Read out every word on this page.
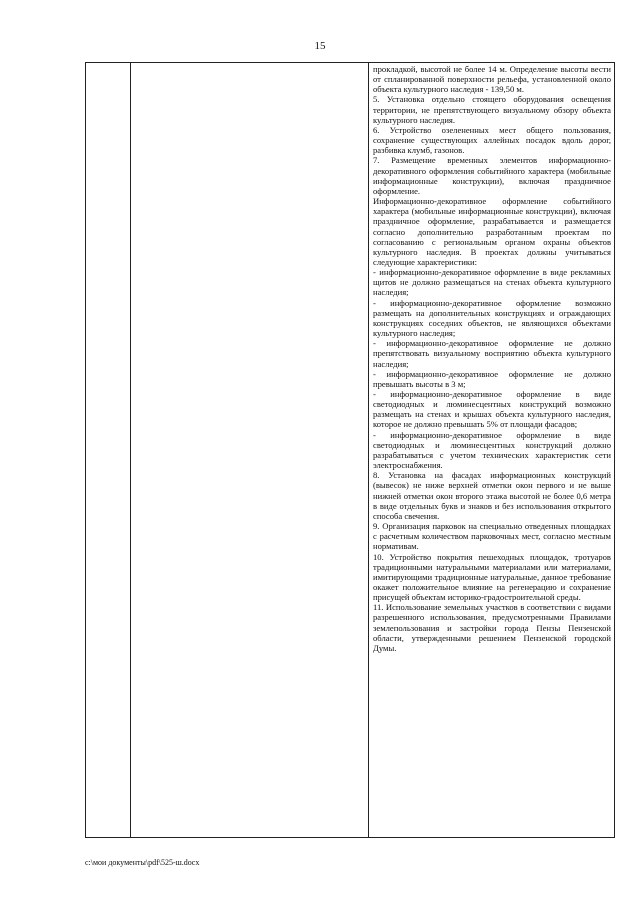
15

прокладкой, высотой не более 14 м. Определение высоты вести от спланированной поверхности рельефа, установленной около объекта культурного наследия - 139,50 м.

5. Установка отдельно стоящего оборудования освещения территории, не препятствующего визуальному обзору объекта культурного наследия.

6. Устройство озелененных мест общего пользования, сохранение существующих аллейных посадок вдоль дорог, разбивка клумб, газонов.

7. Размещение временных элементов информационно-декоративного оформления событийного характера (мобильные информационные конструкции), включая праздничное оформление.

Информационно-декоративное оформление событийного характера (мобильные информационные конструкции), включая праздничное оформление, разрабатывается и размещается согласно дополнительно разработанным проектам по согласованию с региональным органом охраны объектов культурного наследия. В проектах должны учитываться следующие характеристики:

- информационно-декоративное оформление в виде рекламных щитов не должно размещаться на стенах объекта культурного наследия;

- информационно-декоративное оформление возможно размещать на дополнительных конструкциях и ограждающих конструкциях соседних объектов, не являющихся объектами культурного наследия;

- информационно-декоративное оформление не должно препятствовать визуальному восприятию объекта культурного наследия;

- информационно-декоративное оформление не должно превышать высоты в 3 м;

- информационно-декоративное оформление в виде светодиодных и люминесцентных конструкций возможно размещать на стенах и крышах объекта культурного наследия, которое не должно превышать 5% от площади фасадов;

- информационно-декоративное оформление в виде светодиодных и люминесцентных конструкций должно разрабатываться с учетом технических характеристик сети электроснабжения.

8. Установка на фасадах информационных конструкций (вывесок) не ниже верхней отметки окон первого и не выше нижней отметки окон второго этажа высотой не более 0,6 метра в виде отдельных букв и знаков и без использования открытого способа свечения.

9. Организация парковок на специально отведенных площадках с расчетным количеством парковочных мест, согласно местным нормативам.

10. Устройство покрытия пешеходных площадок, тротуаров традиционными натуральными материалами или материалами, имитирующими традиционные натуральные, данное требование окажет положительное влияние на регенерацию и сохранение присущей объектам историко-градостроительной среды.

11. Использование земельных участков в соответствии с видами разрешенного использования, предусмотренными Правилами землепользования и застройки города Пензы Пензенской области, утвержденными решением Пензенской городской Думы.

c:\мои документы\pdf\525-ш.docx
